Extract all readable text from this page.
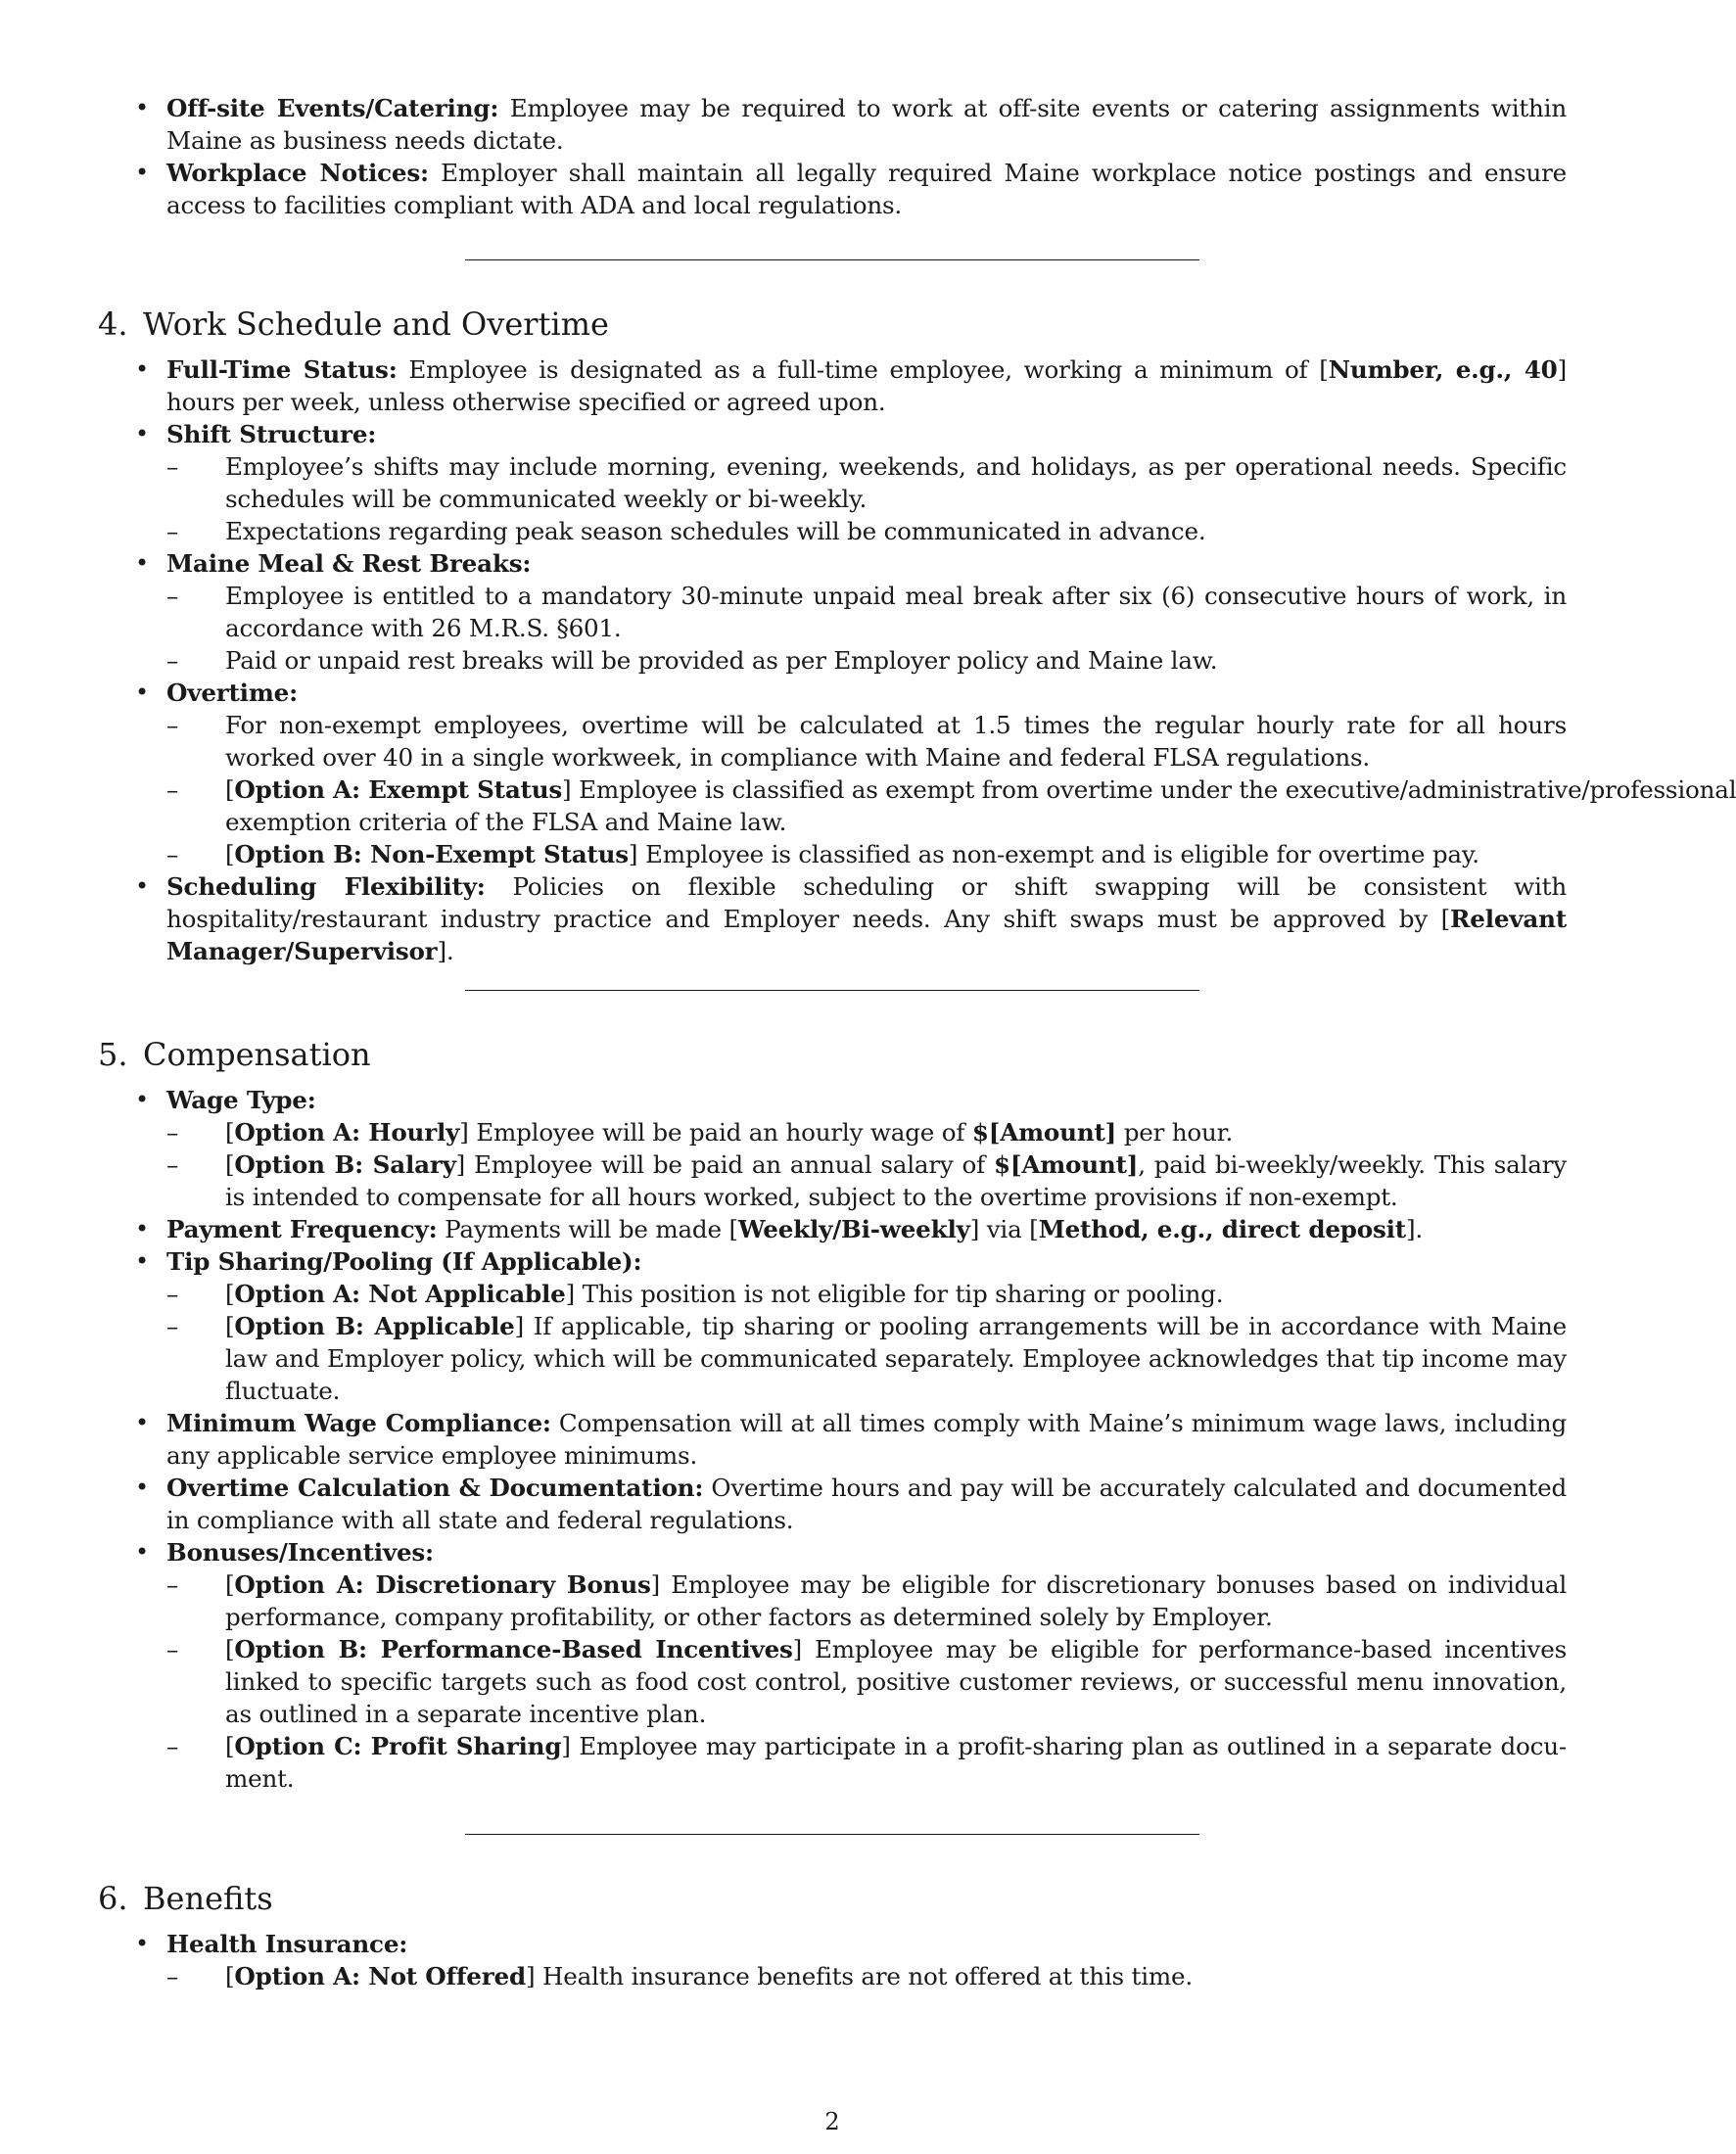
• Off-site Events/Catering: Employee may be required to work at off-site events or catering assignments within Maine as business needs dictate.
• Workplace Notices: Employer shall maintain all legally required Maine workplace notice postings and ensure access to facilities compliant with ADA and local regulations.
4. Work Schedule and Overtime
• Full-Time Status: Employee is designated as a full-time employee, working a minimum of [Number, e.g., 40] hours per week, unless otherwise specified or agreed upon.
• Shift Structure:
– Employee’s shifts may include morning, evening, weekends, and holidays, as per operational needs. Specific schedules will be communicated weekly or bi-weekly.
– Expectations regarding peak season schedules will be communicated in advance.
• Maine Meal & Rest Breaks:
– Employee is entitled to a mandatory 30-minute unpaid meal break after six (6) consecutive hours of work, in accordance with 26 M.R.S. §601.
– Paid or unpaid rest breaks will be provided as per Employer policy and Maine law.
• Overtime:
– For non-exempt employees, overtime will be calculated at 1.5 times the regular hourly rate for all hours worked over 40 in a single workweek, in compliance with Maine and federal FLSA regulations.
– [Option A: Exempt Status] Employee is classified as exempt from overtime under the executive/administrative/professional
exemption criteria of the FLSA and Maine law.
– [Option B: Non-Exempt Status] Employee is classified as non-exempt and is eligible for overtime pay.
• Scheduling Flexibility: Policies on flexible scheduling or shift swapping will be consistent with hospitality/restaurant industry practice and Employer needs. Any shift swaps must be approved by [Relevant Manager/Supervisor].
5. Compensation
• Wage Type:
– [Option A: Hourly] Employee will be paid an hourly wage of $[Amount] per hour.
– [Option B: Salary] Employee will be paid an annual salary of $[Amount], paid bi-weekly/weekly. This salary is intended to compensate for all hours worked, subject to the overtime provisions if non-exempt.
• Payment Frequency: Payments will be made [Weekly/Bi-weekly] via [Method, e.g., direct deposit].
• Tip Sharing/Pooling (If Applicable):
– [Option A: Not Applicable] This position is not eligible for tip sharing or pooling.
– [Option B: Applicable] If applicable, tip sharing or pooling arrangements will be in accordance with Maine law and Employer policy, which will be communicated separately. Employee acknowledges that tip income may fluctuate.
• Minimum Wage Compliance: Compensation will at all times comply with Maine’s minimum wage laws, including any applicable service employee minimums.
• Overtime Calculation & Documentation: Overtime hours and pay will be accurately calculated and documented in compliance with all state and federal regulations.
• Bonuses/Incentives:
– [Option A: Discretionary Bonus] Employee may be eligible for discretionary bonuses based on individual performance, company profitability, or other factors as determined solely by Employer.
– [Option B: Performance-Based Incentives] Employee may be eligible for performance-based incentives linked to specific targets such as food cost control, positive customer reviews, or successful menu innovation, as outlined in a separate incentive plan.
– [Option C: Profit Sharing] Employee may participate in a profit-sharing plan as outlined in a separate docu-ment.
6. Benefits
• Health Insurance:
– [Option A: Not Offered] Health insurance benefits are not offered at this time.
2
